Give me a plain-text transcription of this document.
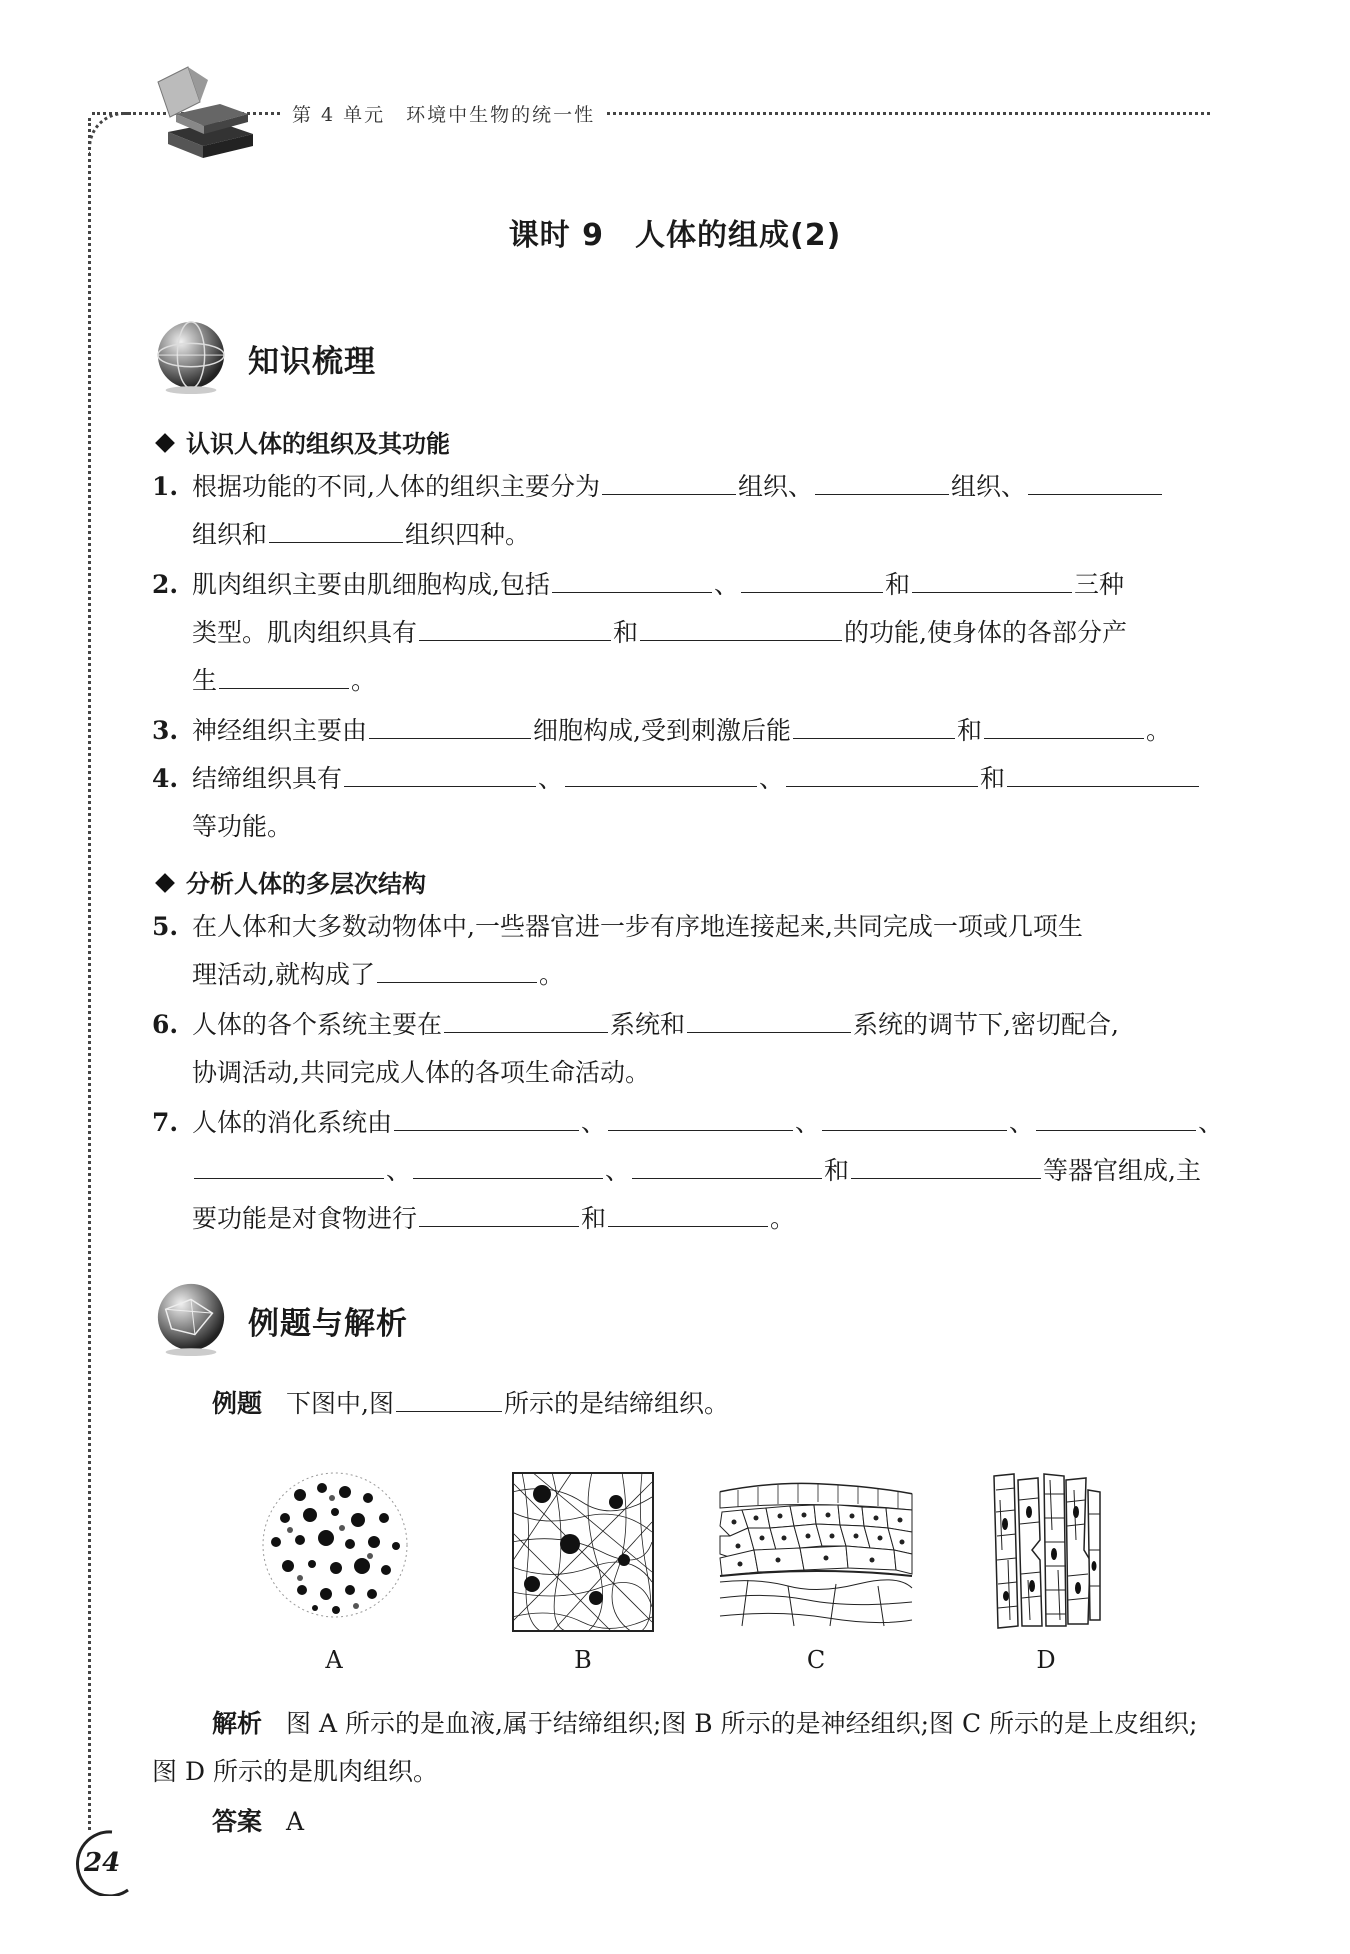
第 4 单元　环境中生物的统一性
课时 9　人体的组成(2)
知识梳理
认识人体的组织及其功能
1. 根据功能的不同,人体的组织主要分为	组织、	组织、
组织和	组织四种。
2. 肌肉组织主要由肌细胞构成,包括	、	和	三种
类型。肌肉组织具有	和	的功能,使身体的各部分产
生	。
3. 神经组织主要由	细胞构成,受到刺激后能	和	。
4. 结缔组织具有	、	、	和
等功能。
分析人体的多层次结构
5. 在人体和大多数动物体中,一些器官进一步有序地连接起来,共同完成一项或几项生
理活动,就构成了	。
6. 人体的各个系统主要在	系统和	系统的调节下,密切配合,
协调活动,共同完成人体的各项生命活动。
7. 人体的消化系统由	、	、	、	、
、	、	和	等器官组成,主
要功能是对食物进行	和	。
例题与解析
例题 下图中,图	所示的是结缔组织。
A	B	C	D
解析 图 A 所示的是血液,属于结缔组织;图 B 所示的是神经组织;图 C 所示的是上皮组织;图 D 所示的是肌肉组织。
答案 A
24
